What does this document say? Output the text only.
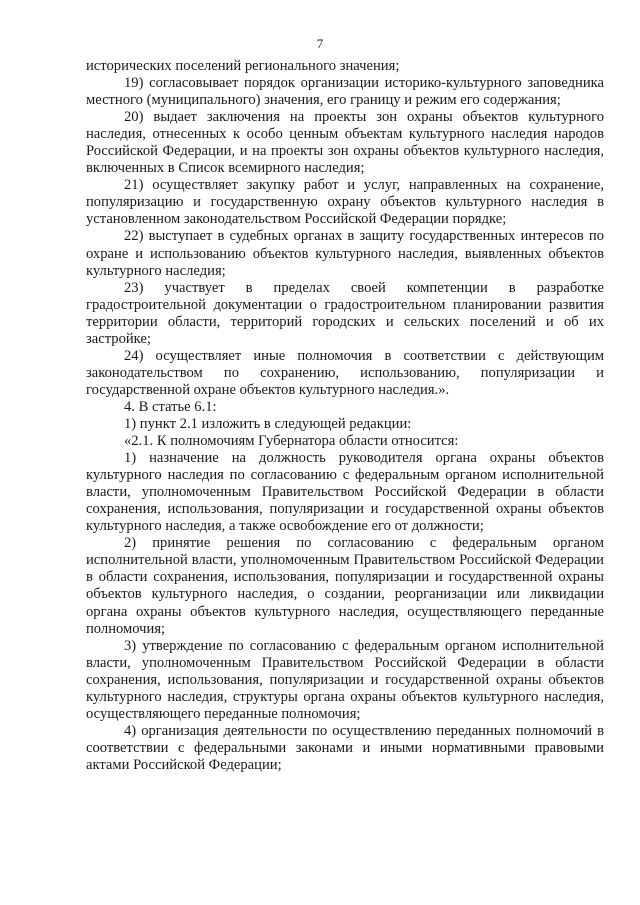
7

исторических поселений регионального значения;

19) согласовывает порядок организации историко-культурного заповедника местного (муниципального) значения, его границу и режим его содержания;

20) выдает заключения на проекты зон охраны объектов культурного наследия, отнесенных к особо ценным объектам культурного наследия народов Российской Федерации, и на проекты зон охраны объектов культурного наследия, включенных в Список всемирного наследия;

21) осуществляет закупку работ и услуг, направленных на сохранение, популяризацию и государственную охрану объектов культурного наследия в установленном законодательством Российской Федерации порядке;

22) выступает в судебных органах в защиту государственных интересов по охране и использованию объектов культурного наследия, выявленных объектов культурного наследия;

23) участвует в пределах своей компетенции в разработке градостроительной документации о градостроительном планировании развития территории области, территорий городских и сельских поселений и об их застройке;

24) осуществляет иные полномочия в соответствии с действующим законодательством по сохранению, использованию, популяризации и государственной охране объектов культурного наследия.».

4. В статье 6.1:

1) пункт 2.1 изложить в следующей редакции:

«2.1. К полномочиям Губернатора области относится:

1) назначение на должность руководителя органа охраны объектов культурного наследия по согласованию с федеральным органом исполнительной власти, уполномоченным Правительством Российской Федерации в области сохранения, использования, популяризации и государственной охраны объектов культурного наследия, а также освобождение его от должности;

2) принятие решения по согласованию с федеральным органом исполнительной власти, уполномоченным Правительством Российской Федерации в области сохранения, использования, популяризации и государственной охраны объектов культурного наследия, о создании, реорганизации или ликвидации органа охраны объектов культурного наследия, осуществляющего переданные полномочия;

3) утверждение по согласованию с федеральным органом исполнительной власти, уполномоченным Правительством Российской Федерации в области сохранения, использования, популяризации и государственной охраны объектов культурного наследия, структуры органа охраны объектов культурного наследия, осуществляющего переданные полномочия;

4) организация деятельности по осуществлению переданных полномочий в соответствии с федеральными законами и иными нормативными правовыми актами Российской Федерации;
